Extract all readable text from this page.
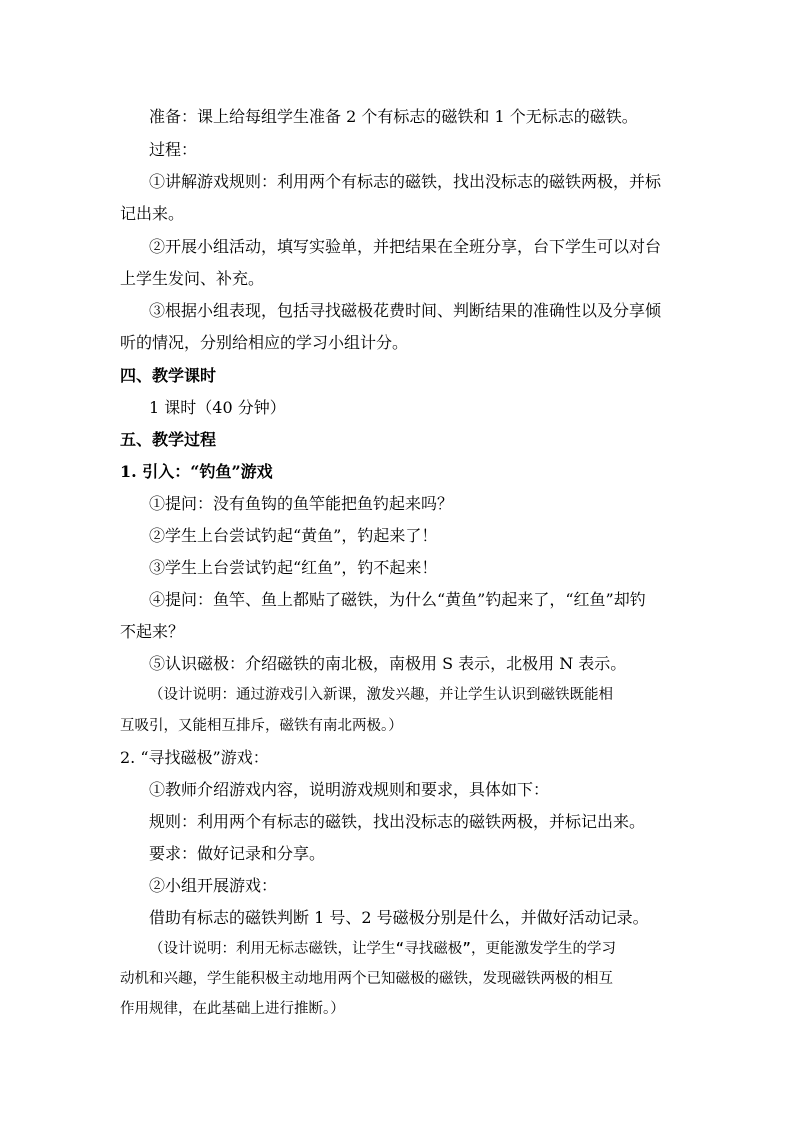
准备：课上给每组学生准备 2 个有标志的磁铁和 1 个无标志的磁铁。
过程：
①讲解游戏规则：利用两个有标志的磁铁，找出没标志的磁铁两极，并标
记出来。
②开展小组活动，填写实验单，并把结果在全班分享，台下学生可以对台
上学生发问、补充。
③根据小组表现，包括寻找磁极花费时间、判断结果的准确性以及分享倾
听的情况，分别给相应的学习小组计分。
四、教学课时
1 课时（40 分钟）
五、教学过程
1. 引入：“钓鱼”游戏
①提问：没有鱼钩的鱼竿能把鱼钓起来吗？
②学生上台尝试钓起“黄鱼”，钓起来了！
③学生上台尝试钓起“红鱼”，钓不起来！
④提问：鱼竿、鱼上都贴了磁铁，为什么“黄鱼”钓起来了，“红鱼”却钓
不起来？
⑤认识磁极：介绍磁铁的南北极，南极用 S 表示，北极用 N 表示。
（设计说明：通过游戏引入新课，激发兴趣，并让学生认识到磁铁既能相
互吸引，又能相互排斥，磁铁有南北两极。）
2. “寻找磁极”游戏：
①教师介绍游戏内容，说明游戏规则和要求，具体如下：
规则：利用两个有标志的磁铁，找出没标志的磁铁两极，并标记出来。
要求：做好记录和分享。
②小组开展游戏：
借助有标志的磁铁判断 1 号、2 号磁极分别是什么，并做好活动记录。
（设计说明：利用无标志磁铁，让学生“寻找磁极”，更能激发学生的学习
动机和兴趣，学生能积极主动地用两个已知磁极的磁铁，发现磁铁两极的相互
作用规律，在此基础上进行推断。）
